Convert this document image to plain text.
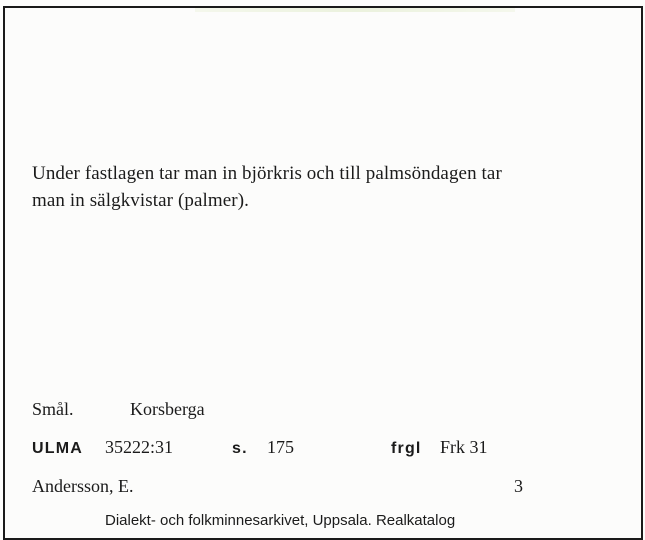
Under fastlagen tar man in björkris och till palmsöndagen tar
man in sälgkvistar (palmer).
Smål.	Korsberga
ULMA 35222:31	s. 175	frgl Frk 31
Andersson, E.	3
Dialekt- och folkminnesarkivet, Uppsala. Realkatalog
